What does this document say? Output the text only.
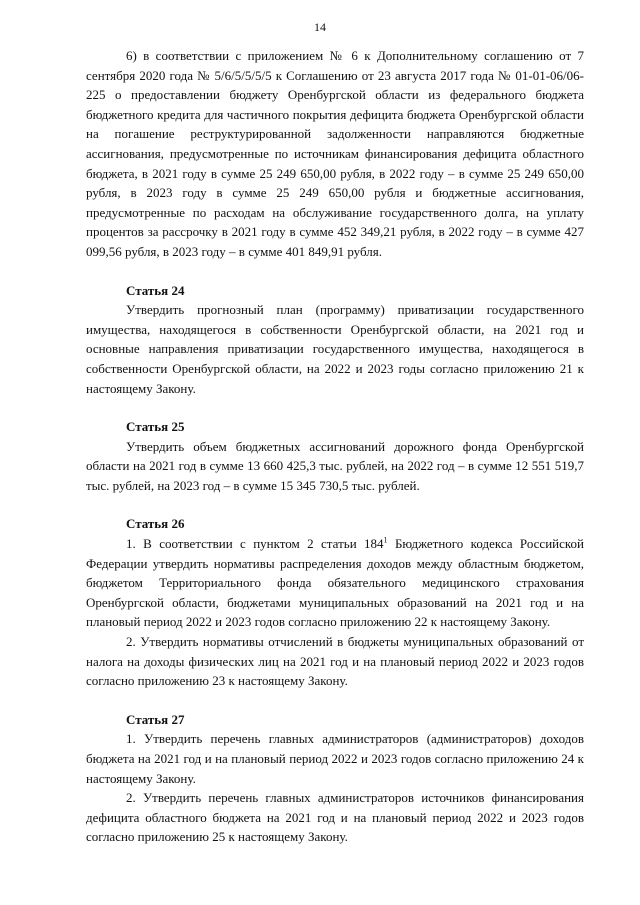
14

6) в соответствии с приложением № 6 к Дополнительному соглашению от 7 сентября 2020 года № 5/6/5/5/5/5 к Соглашению от 23 августа 2017 года № 01-01-06/06-225 о предоставлении бюджету Оренбургской области из федерального бюджета бюджетного кредита для частичного покрытия дефицита бюджета Оренбургской области на погашение реструктурированной задолженности направляются бюджетные ассигнования, предусмотренные по источникам финансирования дефицита областного бюджета, в 2021 году в сумме 25 249 650,00 рубля, в 2022 году – в сумме 25 249 650,00 рубля, в 2023 году в сумме 25 249 650,00 рубля и бюджетные ассигнования, предусмотренные по расходам на обслуживание государственного долга, на уплату процентов за рассрочку в 2021 году в сумме 452 349,21 рубля, в 2022 году – в сумме 427 099,56 рубля, в 2023 году – в сумме 401 849,91 рубля.

Статья 24

Утвердить прогнозный план (программу) приватизации государственного имущества, находящегося в собственности Оренбургской области, на 2021 год и основные направления приватизации государственного имущества, находящегося в собственности Оренбургской области, на 2022 и 2023 годы согласно приложению 21 к настоящему Закону.

Статья 25

Утвердить объем бюджетных ассигнований дорожного фонда Оренбургской области на 2021 год в сумме 13 660 425,3 тыс. рублей, на 2022 год – в сумме 12 551 519,7 тыс. рублей, на 2023 год – в сумме 15 345 730,5 тыс. рублей.

Статья 26

1. В соответствии с пунктом 2 статьи $184^1$ Бюджетного кодекса Российской Федерации утвердить нормативы распределения доходов между областным бюджетом, бюджетом Территориального фонда обязательного медицинского страхования Оренбургской области, бюджетами муниципальных образований на 2021 год и на плановый период 2022 и 2023 годов согласно приложению 22 к настоящему Закону.

2. Утвердить нормативы отчислений в бюджеты муниципальных образований от налога на доходы физических лиц на 2021 год и на плановый период 2022 и 2023 годов согласно приложению 23 к настоящему Закону.

Статья 27

1. Утвердить перечень главных администраторов (администраторов) доходов бюджета на 2021 год и на плановый период 2022 и 2023 годов согласно приложению 24 к настоящему Закону.

2. Утвердить перечень главных администраторов источников финансирования дефицита областного бюджета на 2021 год и на плановый период 2022 и 2023 годов согласно приложению 25 к настоящему Закону.
